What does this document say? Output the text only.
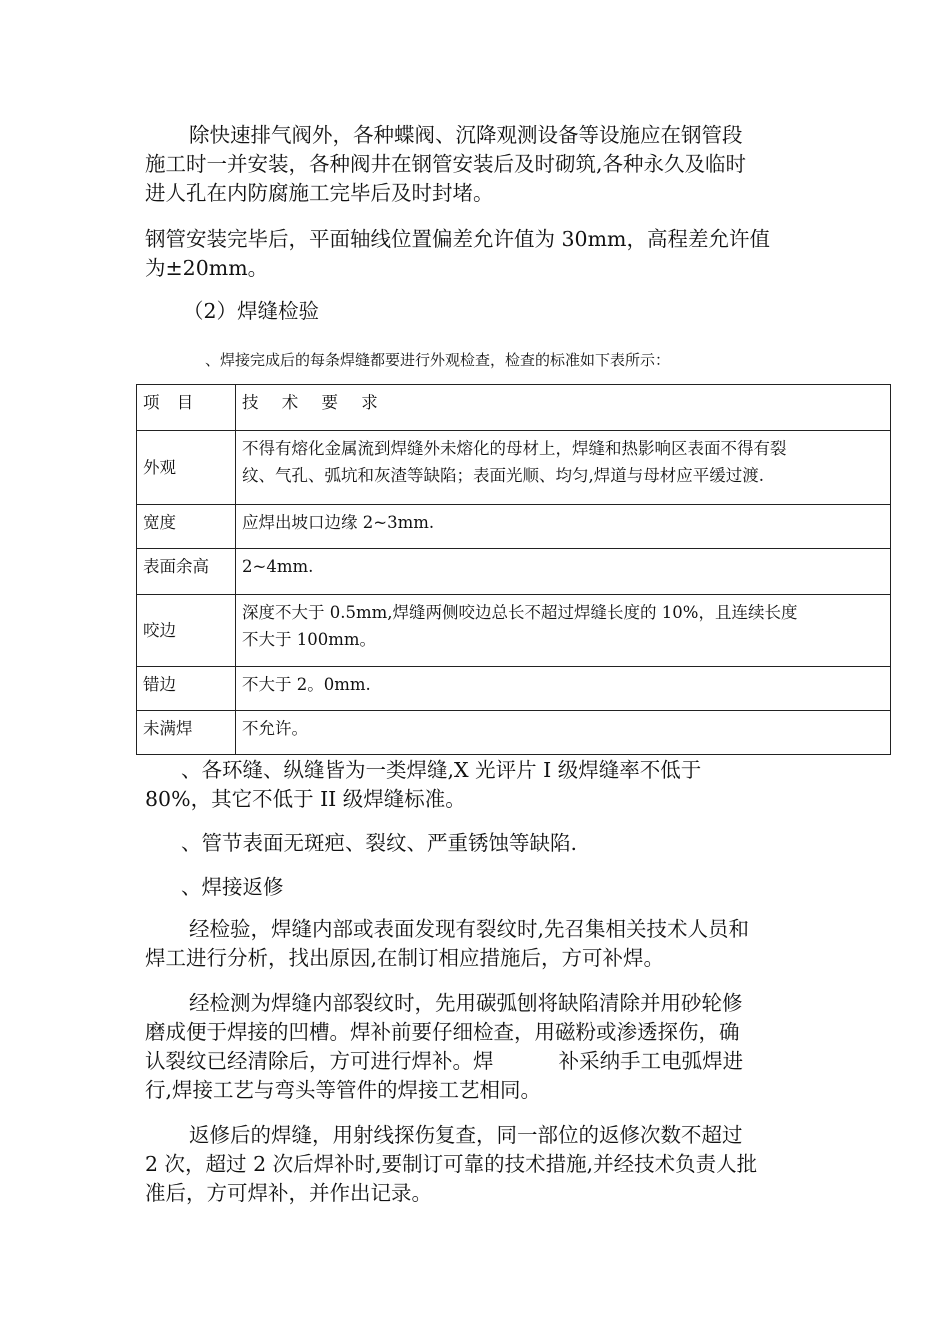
除快速排气阀外，各种蝶阀、沉降观测设备等设施应在钢管段
施工时一并安装，各种阀井在钢管安装后及时砌筑,各种永久及临时
进人孔在内防腐施工完毕后及时封堵。
钢管安装完毕后，平面轴线位置偏差允许值为 30mm，高程差允许值
为±20mm。
（2）焊缝检验
、焊接完成后的每条焊缝都要进行外观检查，检查的标准如下表所示：
项 目	技 术 要 求
外观	不得有熔化金属流到焊缝外未熔化的母材上，焊缝和热影响区表面不得有裂
纹、气孔、弧坑和灰渣等缺陷；表面光顺、均匀,焊道与母材应平缓过渡.

宽度	应焊出坡口边缘 2~3mm.
表面余高	2~4mm.
咬边	深度不大于 0.5mm,焊缝两侧咬边总长不超过焊缝长度的 10%，且连续长度
不大于 100mm。

错边	不大于 2。0mm.
未满焊	不允许。
、各环缝、纵缝皆为一类焊缝,X 光评片 I 级焊缝率不低于
80%，其它不低于 II 级焊缝标准。
、管节表面无斑疤、裂纹、严重锈蚀等缺陷.
、焊接返修
经检验，焊缝内部或表面发现有裂纹时,先召集相关技术人员和
焊工进行分析，找出原因,在制订相应措施后，方可补焊。
经检测为焊缝内部裂纹时，先用碳弧刨将缺陷清除并用砂轮修
磨成便于焊接的凹槽。焊补前要仔细检查，用磁粉或渗透探伤，确
认裂纹已经清除后，方可进行焊补。焊          补采纳手工电弧焊进
行,焊接工艺与弯头等管件的焊接工艺相同。
返修后的焊缝，用射线探伤复查，同一部位的返修次数不超过
2 次，超过 2 次后焊补时,要制订可靠的技术措施,并经技术负责人批
准后，方可焊补，并作出记录。
